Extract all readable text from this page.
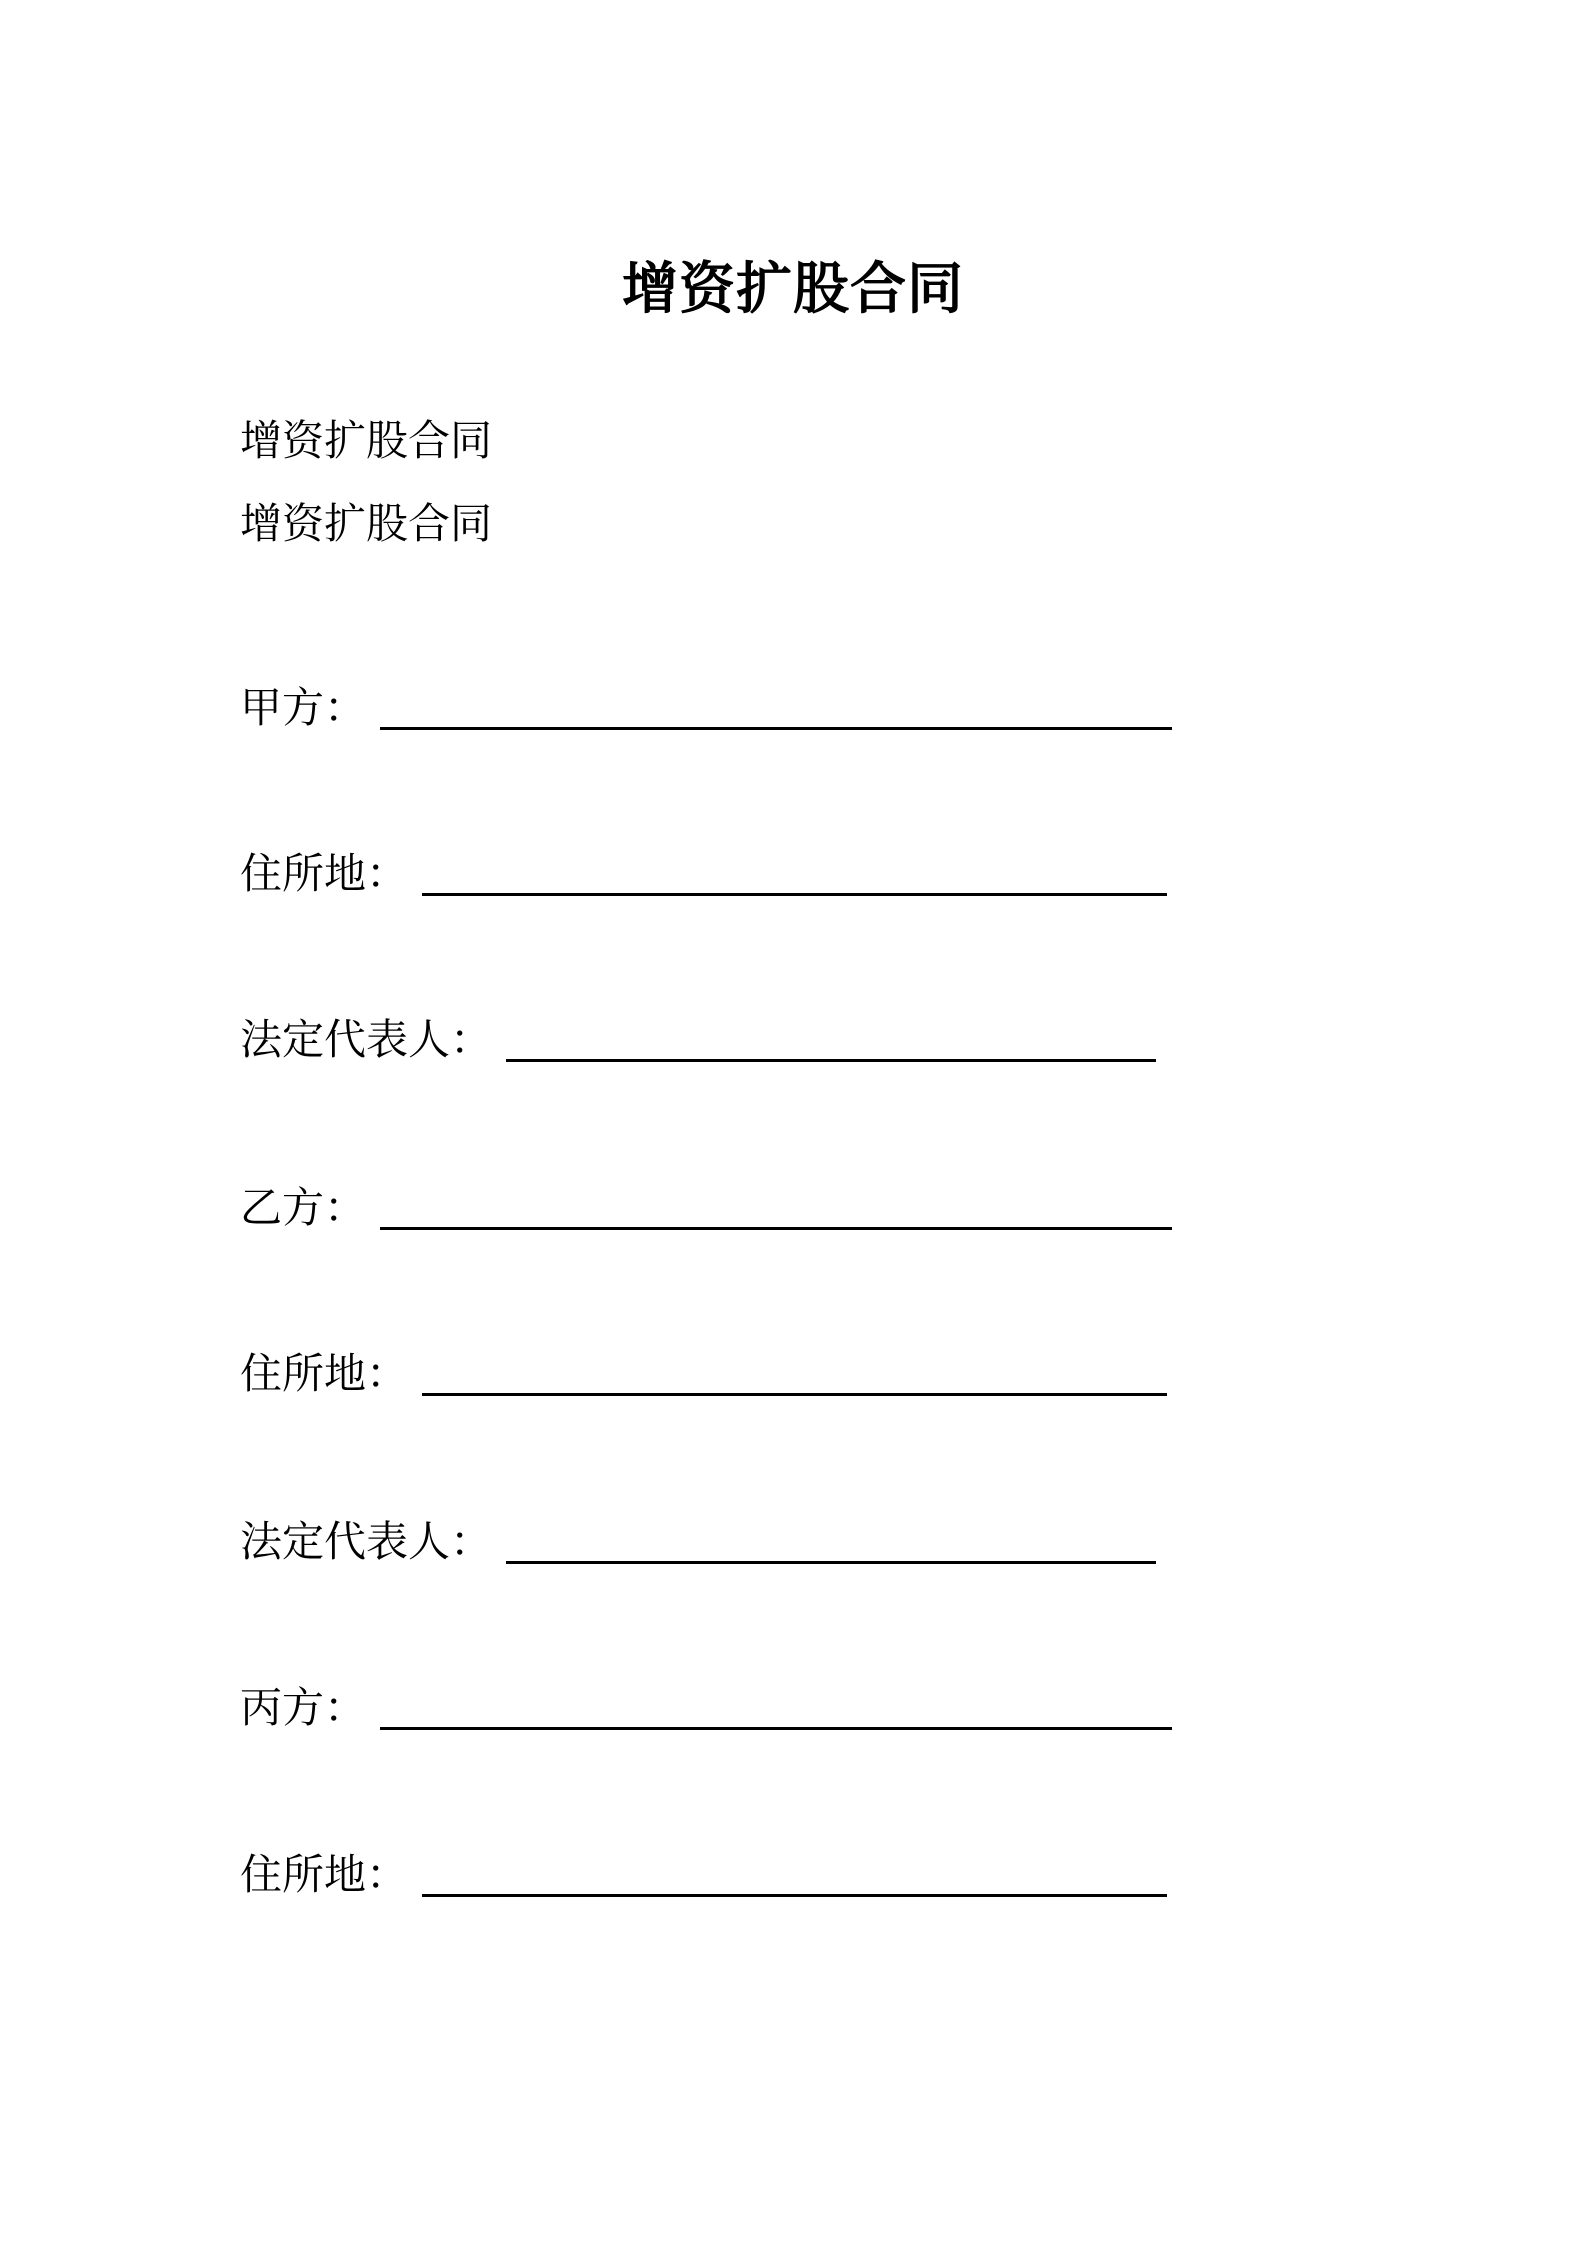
增资扩股合同
增资扩股合同
增资扩股合同
甲方 ：
住所地 ：
法定代表人 ：
乙方 ：
住所地 ：
法定代表人 ：
丙方 ：
住所地 ：
